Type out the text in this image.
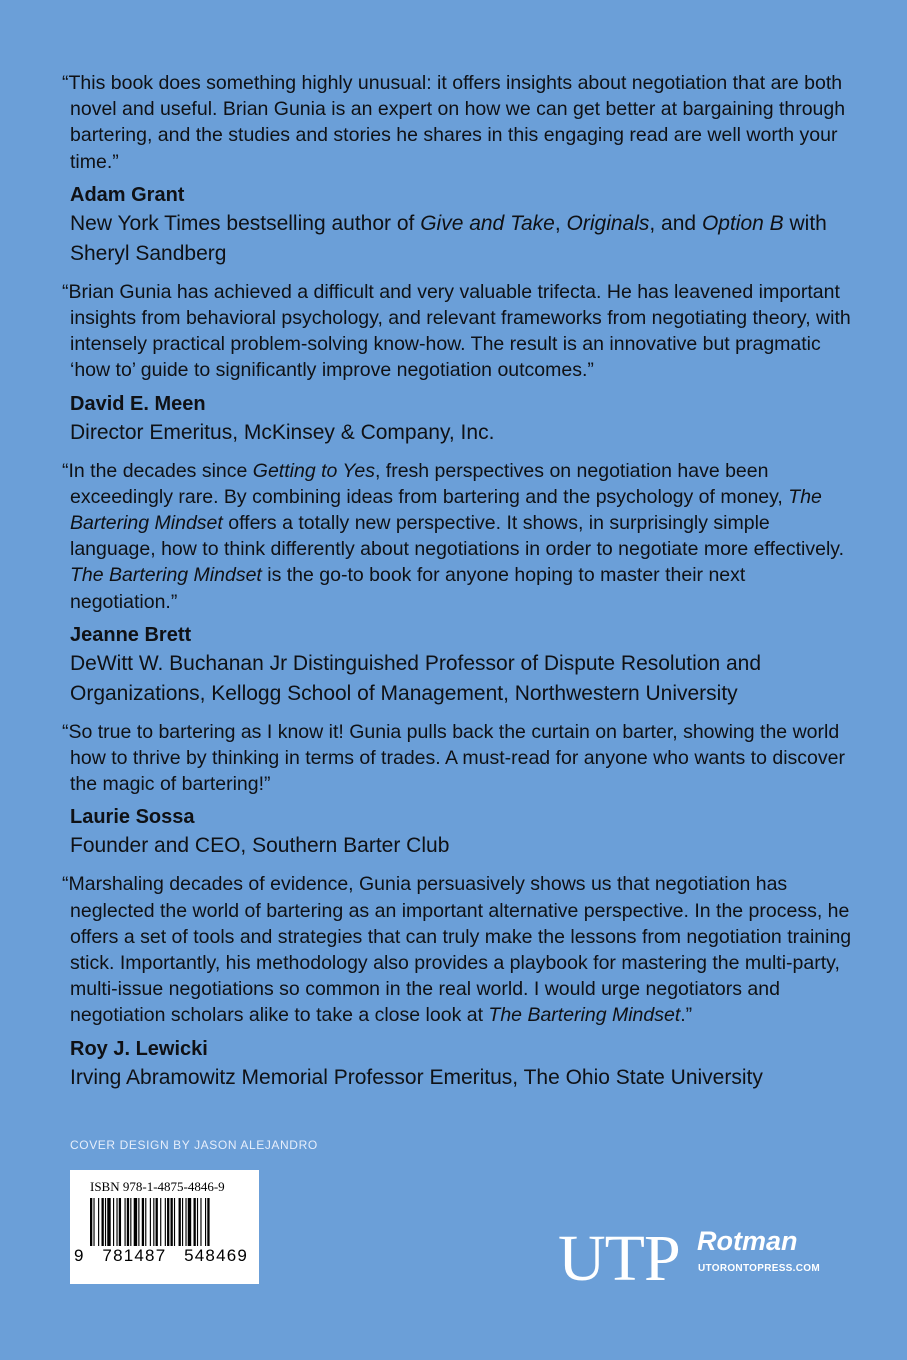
“This book does something highly unusual: it offers insights about negotiation that are both novel and useful. Brian Gunia is an expert on how we can get better at bargaining through bartering, and the studies and stories he shares in this engaging read are well worth your time.”

Adam Grant
New York Times bestselling author of Give and Take, Originals, and Option B with Sheryl Sandberg

“Brian Gunia has achieved a difficult and very valuable trifecta. He has leavened important insights from behavioral psychology, and relevant frameworks from negotiating theory, with intensely practical problem-solving know-how. The result is an innovative but pragmatic ‘how to’ guide to significantly improve negotiation outcomes.”

David E. Meen
Director Emeritus, McKinsey & Company, Inc.

“In the decades since Getting to Yes, fresh perspectives on negotiation have been exceedingly rare. By combining ideas from bartering and the psychology of money, The Bartering Mindset offers a totally new perspective. It shows, in surprisingly simple language, how to think differently about negotiations in order to negotiate more effectively. The Bartering Mindset is the go-to book for anyone hoping to master their next negotiation.”

Jeanne Brett
DeWitt W. Buchanan Jr Distinguished Professor of Dispute Resolution and Organizations, Kellogg School of Management, Northwestern University

“So true to bartering as I know it! Gunia pulls back the curtain on barter, showing the world how to thrive by thinking in terms of trades. A must-read for anyone who wants to discover the magic of bartering!”

Laurie Sossa
Founder and CEO, Southern Barter Club

“Marshaling decades of evidence, Gunia persuasively shows us that negotiation has neglected the world of bartering as an important alternative perspective. In the process, he offers a set of tools and strategies that can truly make the lessons from negotiation training stick. Importantly, his methodology also provides a playbook for mastering the multi-party, multi-issue negotiations so common in the real world. I would urge negotiators and negotiation scholars alike to take a close look at The Bartering Mindset.”

Roy J. Lewicki
Irving Abramowitz Memorial Professor Emeritus, The Ohio State University
COVER DESIGN BY JASON ALEJANDRO
ISBN 978-1-4875-4846-9
9   781487   548469	UTP Rotman
UTORONTOPRESS.COM
